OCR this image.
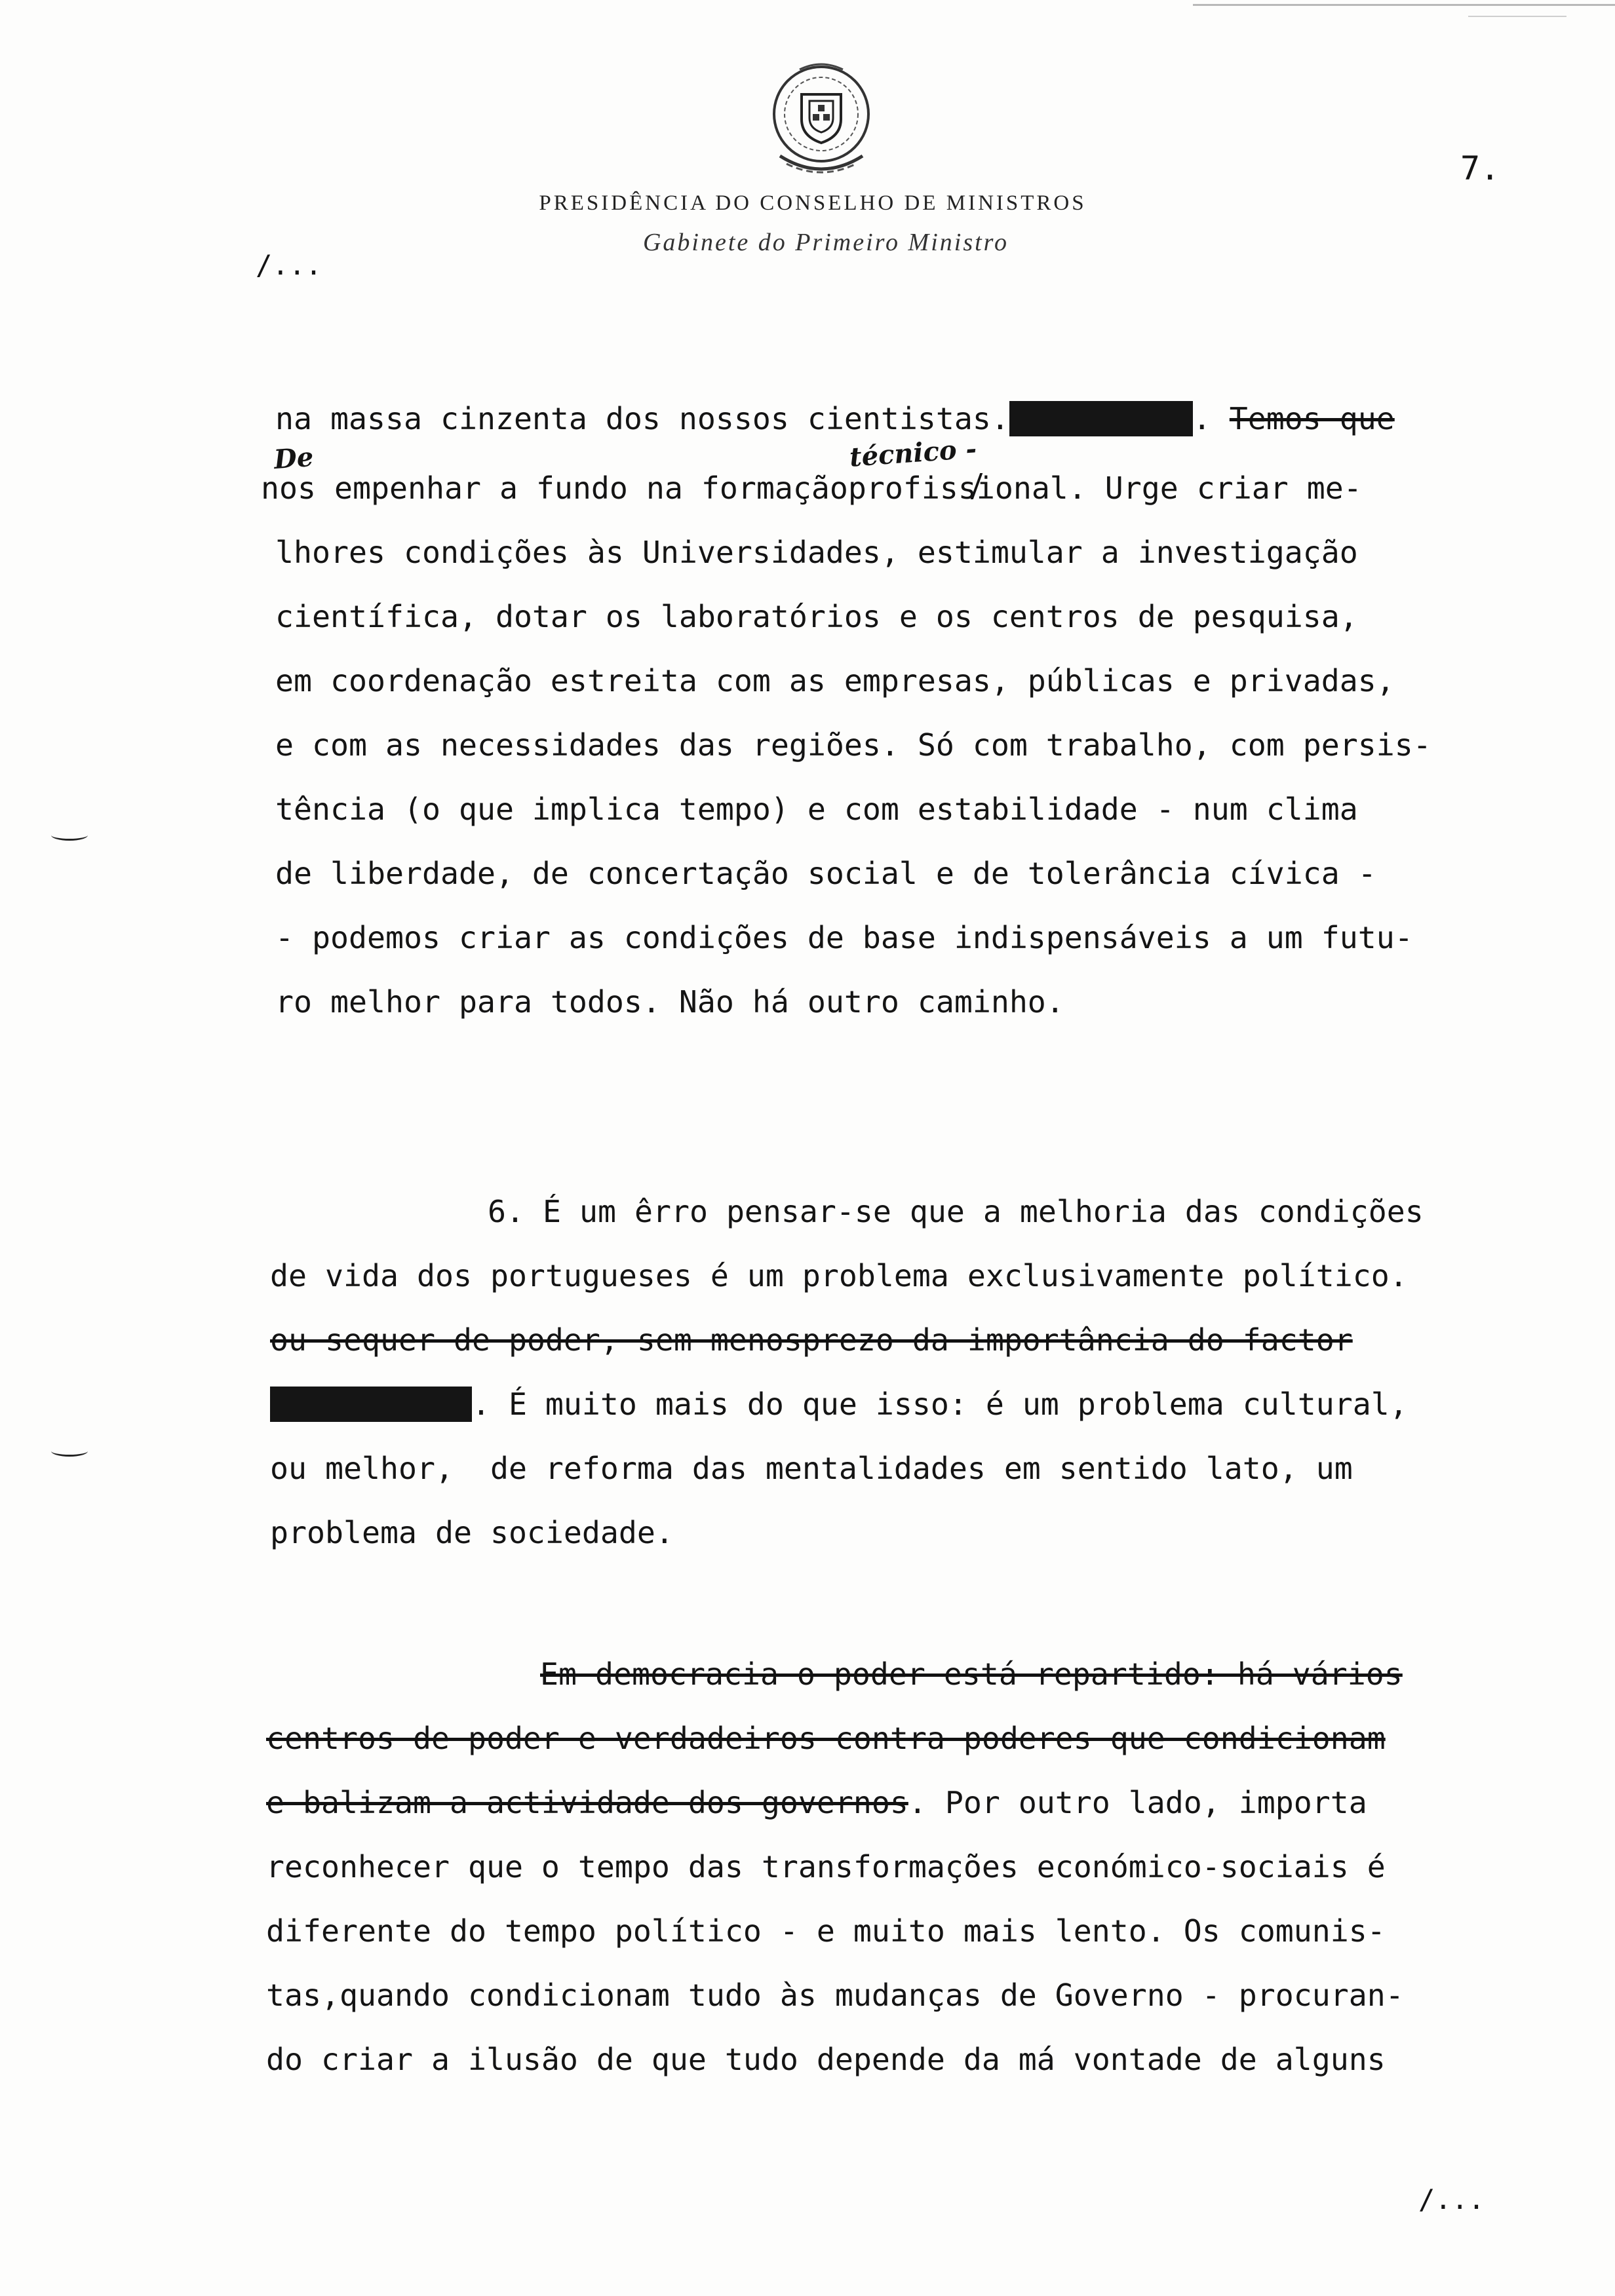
7.
PRESIDÊNCIA DO CONSELHO DE MINISTROS
Gabinete do Primeiro Ministro
/...
De	técnico -
na massa cinzenta dos nossos cientistas.	. Temos que
nos empenhar a fundo na formaçãoprofissional. Urge criar me-
lhores condições às Universidades, estimular a investigação
científica, dotar os laboratórios e os centros de pesquisa,
em coordenação estreita com as empresas, públicas e privadas,
e com as necessidades das regiões. Só com trabalho, com persis-
tência (o que implica tempo) e com estabilidade - num clima
de liberdade, de concertação social e de tolerância cívica -
- podemos criar as condições de base indispensáveis a um futu-
ro melhor para todos. Não há outro caminho.
6. É um êrro pensar-se que a melhoria das condições
de vida dos portugueses é um problema exclusivamente político.
ou sequer de poder, sem menosprezo da importância do factor
. É muito mais do que isso: é um problema cultural,
ou melhor,  de reforma das mentalidades em sentido lato, um
problema de sociedade.
Em democracia o poder está repartido: há vários
centros de poder e verdadeiros contra poderes que condicionam
e balizam a actividade dos governos. Por outro lado, importa
reconhecer que o tempo das transformações económico-sociais é
diferente do tempo político - e muito mais lento. Os comunis-
tas,quando condicionam tudo às mudanças de Governo - procuran-
do criar a ilusão de que tudo depende da má vontade de alguns
/...
